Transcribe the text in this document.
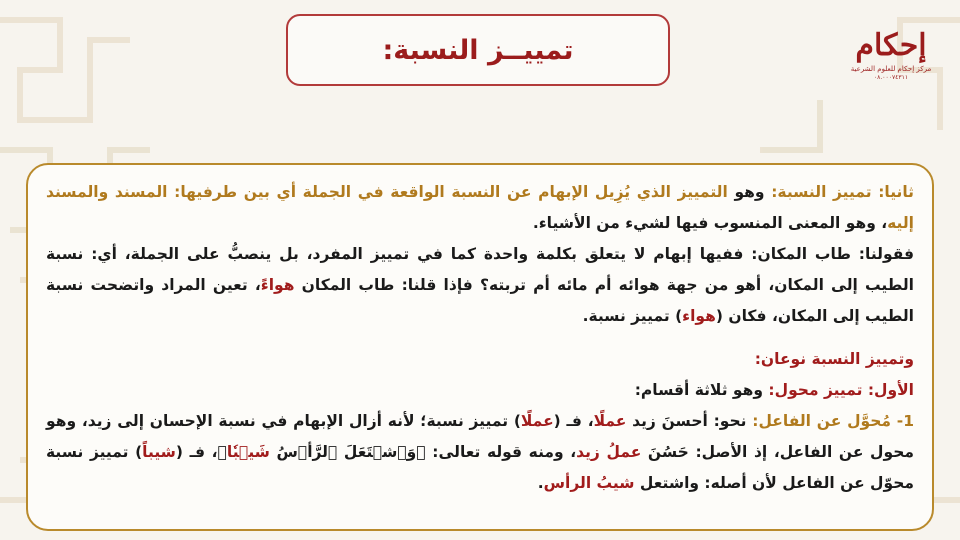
تمييــز النسبة:	إحكام
مركز إحكام للعلوم الشرعية
٠٨.٠٠٠٧٤٣١١

ثانيا: تمييز النسبة: وهو التمييز الذي يُزِيل الإبهام عن النسبة الواقعة في الجملة أي بين طرفيها: المسند والمسند إليه، وهو المعنى المنسوب فيها لشيء من الأشياء.

فقولنا: طاب المكان: ففيها إبهام لا يتعلق بكلمة واحدة كما في تمييز المفرد، بل ينصبُّ على الجملة، أي: نسبة الطيب إلى المكان، أهو من جهة هوائه أم مائه أم تربته؟ فإذا قلنا: طاب المكان هواءً، تعين المراد واتضحت نسبة الطيب إلى المكان، فكان (هواء) تمييز نسبة.

وتمييز النسبة نوعان:

الأول: تمييز محول: وهو ثلاثة أقسام:

1- مُحوَّل عن الفاعل: نحو: أحسنَ زيد عملًا، فـ (عملًا) تمييز نسبة؛ لأنه أزال الإبهام في نسبة الإحسان إلى زيد، وهو محول عن الفاعل، إذ الأصل: حَسُنَ عملُ زيد، ومنه قوله تعالى: ﴿وَٱشۡتَعَلَ ٱلرَّأۡسُ شَيۡبٗا﴾، فـ (شيباً) تمييز نسبة محوّل عن الفاعل لأن أصله: واشتعل شيبُ الرأس.
